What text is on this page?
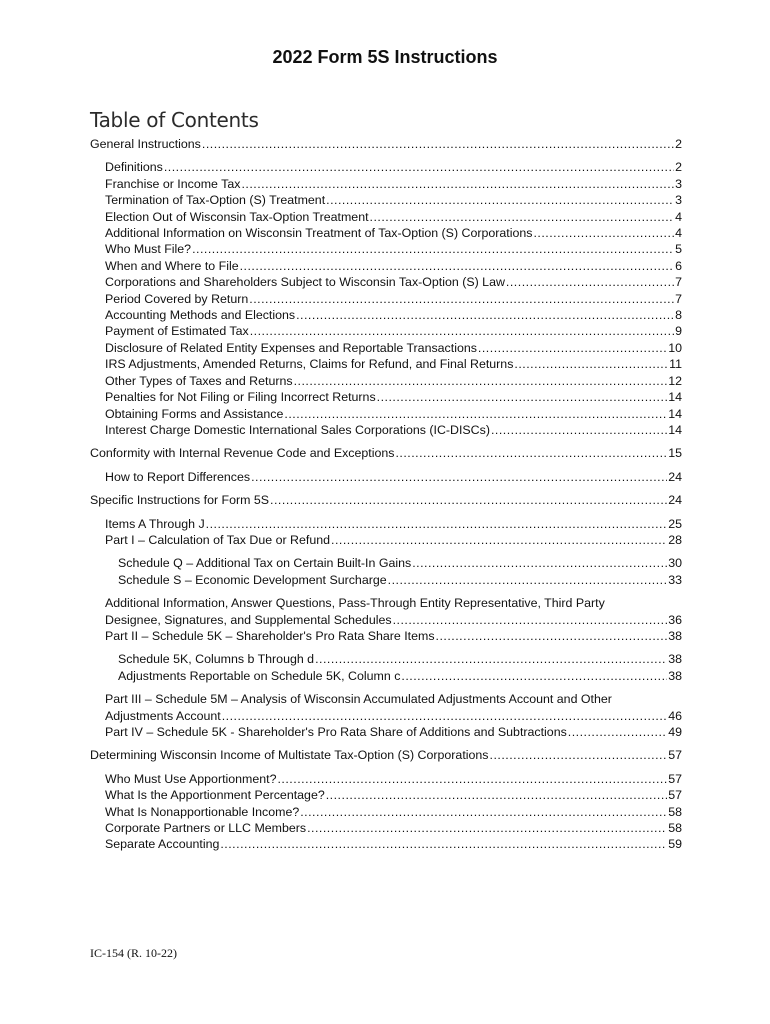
2022 Form 5S Instructions
Table of Contents
General Instructions .....	2
Definitions .....	2
Franchise or Income Tax .....	3
Termination of Tax-Option (S) Treatment .....	3
Election Out of Wisconsin Tax-Option Treatment .....	4
Additional Information on Wisconsin Treatment of Tax-Option (S) Corporations .....	4
Who Must File? .....	5
When and Where to File .....	6
Corporations and Shareholders Subject to Wisconsin Tax-Option (S) Law .....	7
Period Covered by Return .....	7
Accounting Methods and Elections .....	8
Payment of Estimated Tax .....	9
Disclosure of Related Entity Expenses and Reportable Transactions .....	10
IRS Adjustments, Amended Returns, Claims for Refund, and Final Returns .....	11
Other Types of Taxes and Returns .....	12
Penalties for Not Filing or Filing Incorrect Returns .....	14
Obtaining Forms and Assistance .....	14
Interest Charge Domestic International Sales Corporations (IC-DISCs) .....	14
Conformity with Internal Revenue Code and Exceptions .....	15
How to Report Differences .....	24
Specific Instructions for Form 5S .....	24
Items A Through J .....	25
Part I – Calculation of Tax Due or Refund .....	28
Schedule Q – Additional Tax on Certain Built-In Gains .....	30
Schedule S – Economic Development Surcharge .....	33
Additional Information, Answer Questions, Pass-Through Entity Representative, Third Party
Designee, Signatures, and Supplemental Schedules .....	36
Part II – Schedule 5K – Shareholder's Pro Rata Share Items .....	38
Schedule 5K, Columns b Through d .....	38
Adjustments Reportable on Schedule 5K, Column c .....	38
Part III – Schedule 5M – Analysis of Wisconsin Accumulated Adjustments Account and Other
Adjustments Account .....	46
Part IV – Schedule 5K - Shareholder's Pro Rata Share of Additions and Subtractions .....	49
Determining Wisconsin Income of Multistate Tax-Option (S) Corporations .....	57
Who Must Use Apportionment? .....	57
What Is the Apportionment Percentage? .....	57
What Is Nonapportionable Income? .....	58
Corporate Partners or LLC Members .....	58
Separate Accounting .....	59
IC-154 (R. 10-22)
